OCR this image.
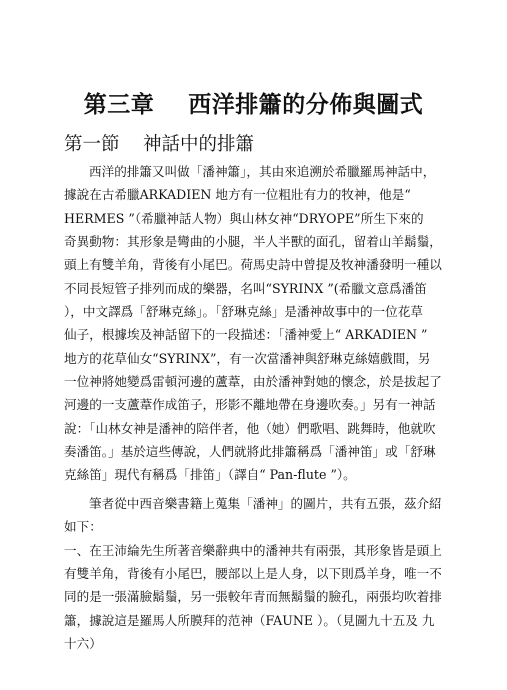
第三章    西洋排簫的分佈與圖式
第一節    神話中的排簫
西洋的排簫又叫做「潘神簫」，其由來追溯於希臘羅馬神話中，
據說在古希臘ARKADIEN 地方有一位粗壯有力的牧神，他是“
HERMES ”（希臘神話人物）與山林女神“DRYOPE”所生下來的
奇異動物：其形象是彎曲的小腿，半人半獸的面孔，留着山羊鬍鬚，
頭上有雙羊角，背後有小尾巴。荷馬史詩中曾提及牧神潘發明一種以
不同長短管子排列而成的樂器，名叫“SYRINX ”(希臘文意爲潘笛
），中文譯爲「舒琳克絲」。「舒琳克絲」是潘神故事中的一位花草
仙子，根據埃及神話留下的一段描述：「潘神愛上“ ARKADIEN ”
地方的花草仙女“SYRINX”，有一次當潘神與舒琳克絲嬉戲間，另
一位神將她變爲雷頓河邊的蘆葦，由於潘神對她的懷念，於是拔起了
河邊的一支蘆葦作成笛子，形影不離地帶在身邊吹奏。」另有一神話
說：「山林女神是潘神的陪伴者，他（她）們歌唱、跳舞時，他就吹
奏潘笛。」基於這些傳說，人們就將此排簫稱爲「潘神笛」或「舒琳
克絲笛」現代有稱爲「排笛」（譯自“ Pan-flute ”）。
筆者從中西音樂書籍上蒐集「潘神」的圖片，共有五張，茲介紹
如下：
一、在王沛綸先生所著音樂辭典中的潘神共有兩張，其形象皆是頭上
有雙羊角，背後有小尾巴，腰部以上是人身，以下則爲羊身，唯一不
同的是一張滿臉鬍鬚，另一張較年青而無鬍鬚的臉孔，兩張均吹着排
簫，據說這是羅馬人所膜拜的范神（FAUNE ）。（見圖九十五及 九
十六）
